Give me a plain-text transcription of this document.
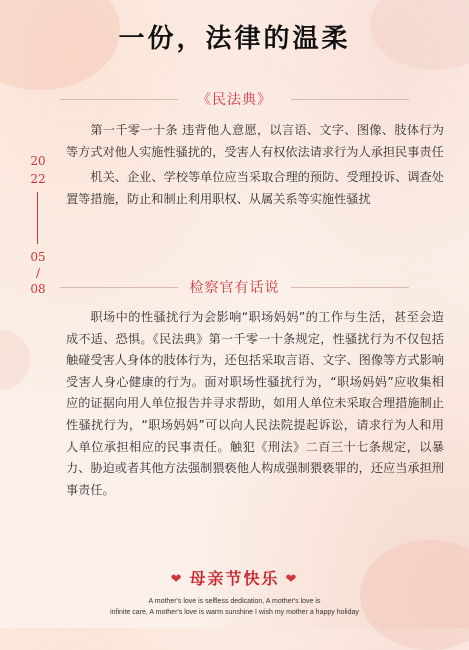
一份，法律的温柔
《民法典》

第一千零一十条 违背他人意愿，以言语、文字、图像、肢体行为等方式对他人实施性骚扰的，受害人有权依法请求行为人承担民事责任

机关、企业、学校等单位应当采取合理的预防、受理投诉、调查处置等措施，防止和制止利用职权、从属关系等实施性骚扰

检察官有话说

职场中的性骚扰行为会影响“职场妈妈”的工作与生活，甚至会造成不适、恐惧。《民法典》第一千零一十条规定，性骚扰行为不仅包括触碰受害人身体的肢体行为，还包括采取言语、文字、图像等方式影响受害人身心健康的行为。面对职场性骚扰行为，“职场妈妈”应收集相应的证据向用人单位报告并寻求帮助，如用人单位未采取合理措施制止性骚扰行为，“职场妈妈”可以向人民法院提起诉讼，请求行为人和用人单位承担相应的民事责任。触犯《刑法》二百三十七条规定，以暴力、胁迫或者其他方法强制猥亵他人构成强制猥亵罪的，还应当承担刑事责任。

20
22
05
/
08
❤ 母亲节快乐 ❤
A mother's love is selfless dedication, A mother's love is
infinite care, A mother's love is warm sunshine I wish my mother a happy holiday
